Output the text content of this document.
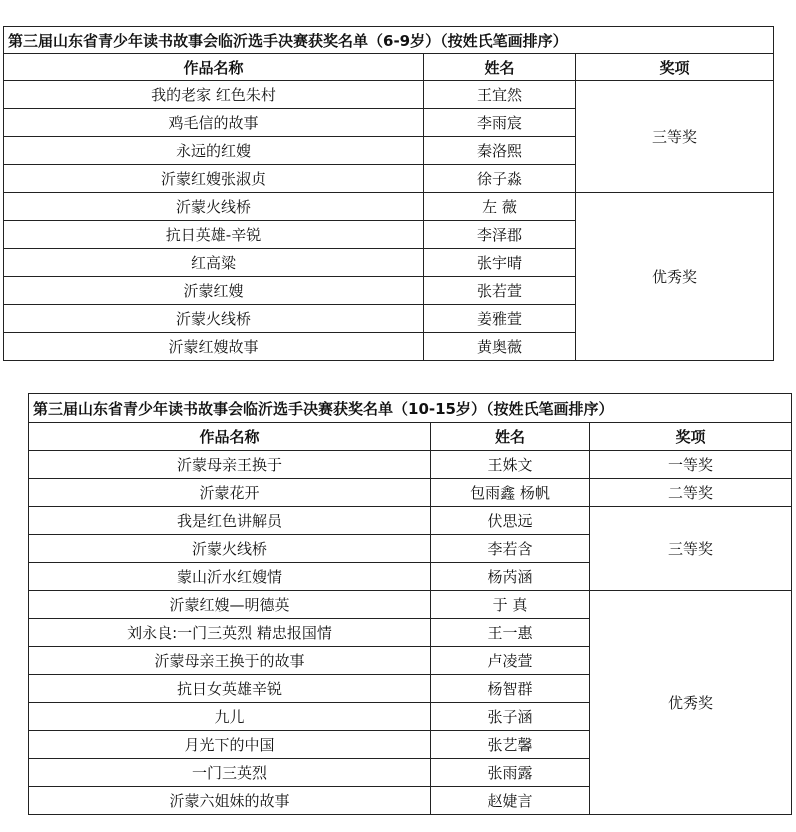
第三届山东省青少年读书故事会临沂选手决赛获奖名单（6-9岁）（按姓氏笔画排序）		
作品名称	姓名	奖项
我的老家 红色朱村	王宜然	三等奖
鸡毛信的故事	李雨宸	
永远的红嫂	秦洛熙	
沂蒙红嫂张淑贞	徐子淼	
沂蒙火线桥	左 薇	优秀奖
抗日英雄-辛锐	李泽郡	
红高粱	张宇晴	
沂蒙红嫂	张若萱	
沂蒙火线桥	姜雅萱	
沂蒙红嫂故事	黄奥薇	
第三届山东省青少年读书故事会临沂选手决赛获奖名单（10-15岁）（按姓氏笔画排序）		
作品名称	姓名	奖项
沂蒙母亲王换于	王姝文	一等奖
沂蒙花开	包雨鑫 杨帆	二等奖
我是红色讲解员	伏思远	三等奖
沂蒙火线桥	李若含	
蒙山沂水红嫂情	杨芮涵	
沂蒙红嫂—明德英	于 真	优秀奖
刘永良:一门三英烈 精忠报国情	王一惠	
沂蒙母亲王换于的故事	卢凌萱	
抗日女英雄辛锐	杨智群	
九儿	张子涵	
月光下的中国	张艺馨	
一门三英烈	张雨露	
沂蒙六姐妹的故事	赵婕言	
